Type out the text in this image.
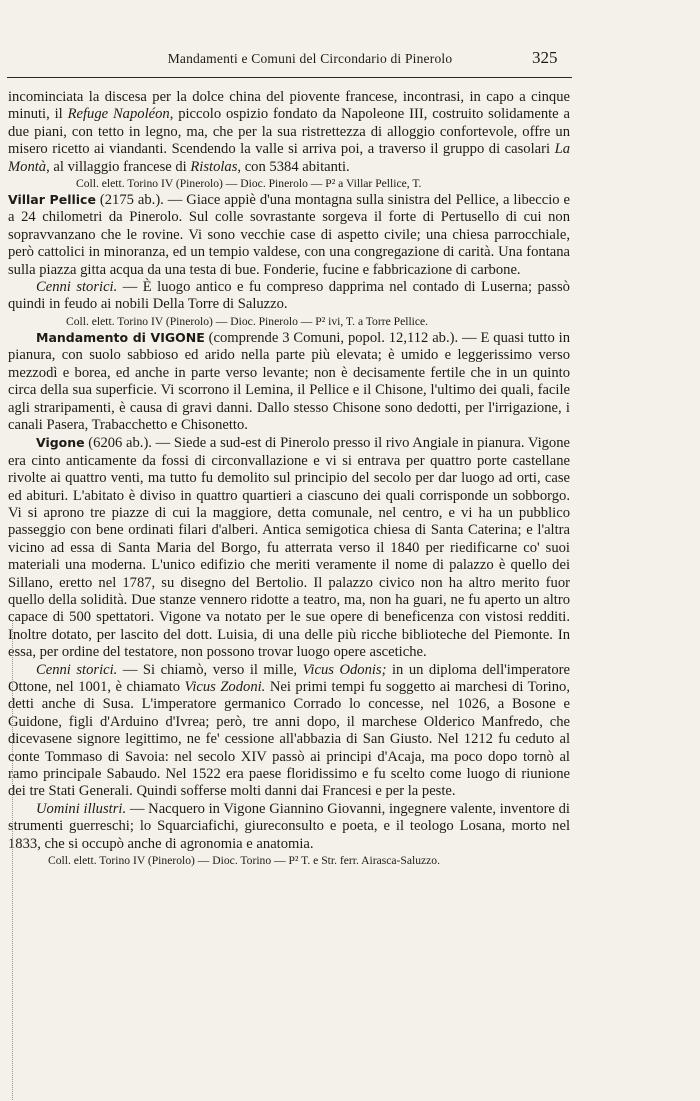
Mandamenti e Comuni del Circondario di Pinerolo	325

incominciata la discesa per la dolce china del piovente francese, incontrasi, in capo a cinque minuti, il Refuge Napoléon, piccolo ospizio fondato da Napoleone III, costruito solidamente a due piani, con tetto in legno, ma, che per la sua ristrettezza di alloggio confortevole, offre un misero ricetto ai viandanti. Scendendo la valle si arriva poi, a traverso il gruppo di casolari La Montà, al villaggio francese di Ristolas, con 5384 abitanti.

Coll. elett. Torino IV (Pinerolo) — Dioc. Pinerolo — P² a Villar Pellice, T.

Villar Pellice (2175 ab.). — Giace appiè d'una montagna sulla sinistra del Pellice, a libeccio e a 24 chilometri da Pinerolo. Sul colle sovrastante sorgeva il forte di Pertusello di cui non sopravvanzano che le rovine. Vi sono vecchie case di aspetto civile; una chiesa parrocchiale, però cattolici in minoranza, ed un tempio valdese, con una congregazione di carità. Una fontana sulla piazza gitta acqua da una testa di bue. Fonderie, fucine e fabbricazione di carbone.

Cenni storici. — È luogo antico e fu compreso dapprima nel contado di Luserna; passò quindi in feudo ai nobili Della Torre di Saluzzo.

Coll. elett. Torino IV (Pinerolo) — Dioc. Pinerolo — P² ivi, T. a Torre Pellice.

Mandamento di VIGONE (comprende 3 Comuni, popol. 12,112 ab.). — E quasi tutto in pianura, con suolo sabbioso ed arido nella parte più elevata; è umido e leggerissimo verso mezzodì e borea, ed anche in parte verso levante; non è decisamente fertile che in un quinto circa della sua superficie. Vi scorrono il Lemina, il Pellice e il Chisone, l'ultimo dei quali, facile agli straripamenti, è causa di gravi danni. Dallo stesso Chisone sono dedotti, per l'irrigazione, i canali Pasera, Trabacchetto e Chisonetto.

Vigone (6206 ab.). — Siede a sud-est di Pinerolo presso il rivo Angiale in pianura. Vigone era cinto anticamente da fossi di circonvallazione e vi si entrava per quattro porte castellane rivolte ai quattro venti, ma tutto fu demolito sul principio del secolo per dar luogo ad orti, case ed abituri. L'abitato è diviso in quattro quartieri a ciascuno dei quali corrisponde un sobborgo. Vi si aprono tre piazze di cui la maggiore, detta comunale, nel centro, e vi ha un pubblico passeggio con bene ordinati filari d'alberi. Antica semigotica chiesa di Santa Caterina; e l'altra vicino ad essa di Santa Maria del Borgo, fu atterrata verso il 1840 per riedificarne co' suoi materiali una moderna. L'unico edifizio che meriti veramente il nome di palazzo è quello dei Sillano, eretto nel 1787, su disegno del Bertolio. Il palazzo civico non ha altro merito fuor quello della solidità. Due stanze vennero ridotte a teatro, ma, non ha guari, ne fu aperto un altro capace di 500 spettatori. Vigone va notato per le sue opere di beneficenza con vistosi redditi. Inoltre dotato, per lascito del dott. Luisia, di una delle più ricche biblioteche del Piemonte. In essa, per ordine del testatore, non possono trovar luogo opere ascetiche.

Cenni storici. — Si chiamò, verso il mille, Vicus Odonis; in un diploma dell'imperatore Ottone, nel 1001, è chiamato Vicus Zodoni. Nei primi tempi fu soggetto ai marchesi di Torino, detti anche di Susa. L'imperatore germanico Corrado lo concesse, nel 1026, a Bosone e Guidone, figli d'Arduino d'Ivrea; però, tre anni dopo, il marchese Olderico Manfredo, che dicevasene signore legittimo, ne fe' cessione all'abbazia di San Giusto. Nel 1212 fu ceduto al conte Tommaso di Savoia: nel secolo XIV passò ai principi d'Acaja, ma poco dopo tornò al ramo principale Sabaudo. Nel 1522 era paese floridissimo e fu scelto come luogo di riunione dei tre Stati Generali. Quindi sofferse molti danni dai Francesi e per la peste.

Uomini illustri. — Nacquero in Vigone Giannino Giovanni, ingegnere valente, inventore di strumenti guerreschi; lo Squarciafichi, giureconsulto e poeta, e il teologo Losana, morto nel 1833, che si occupò anche di agronomia e anatomia.

Coll. elett. Torino IV (Pinerolo) — Dioc. Torino — P² T. e Str. ferr. Airasca-Saluzzo.
